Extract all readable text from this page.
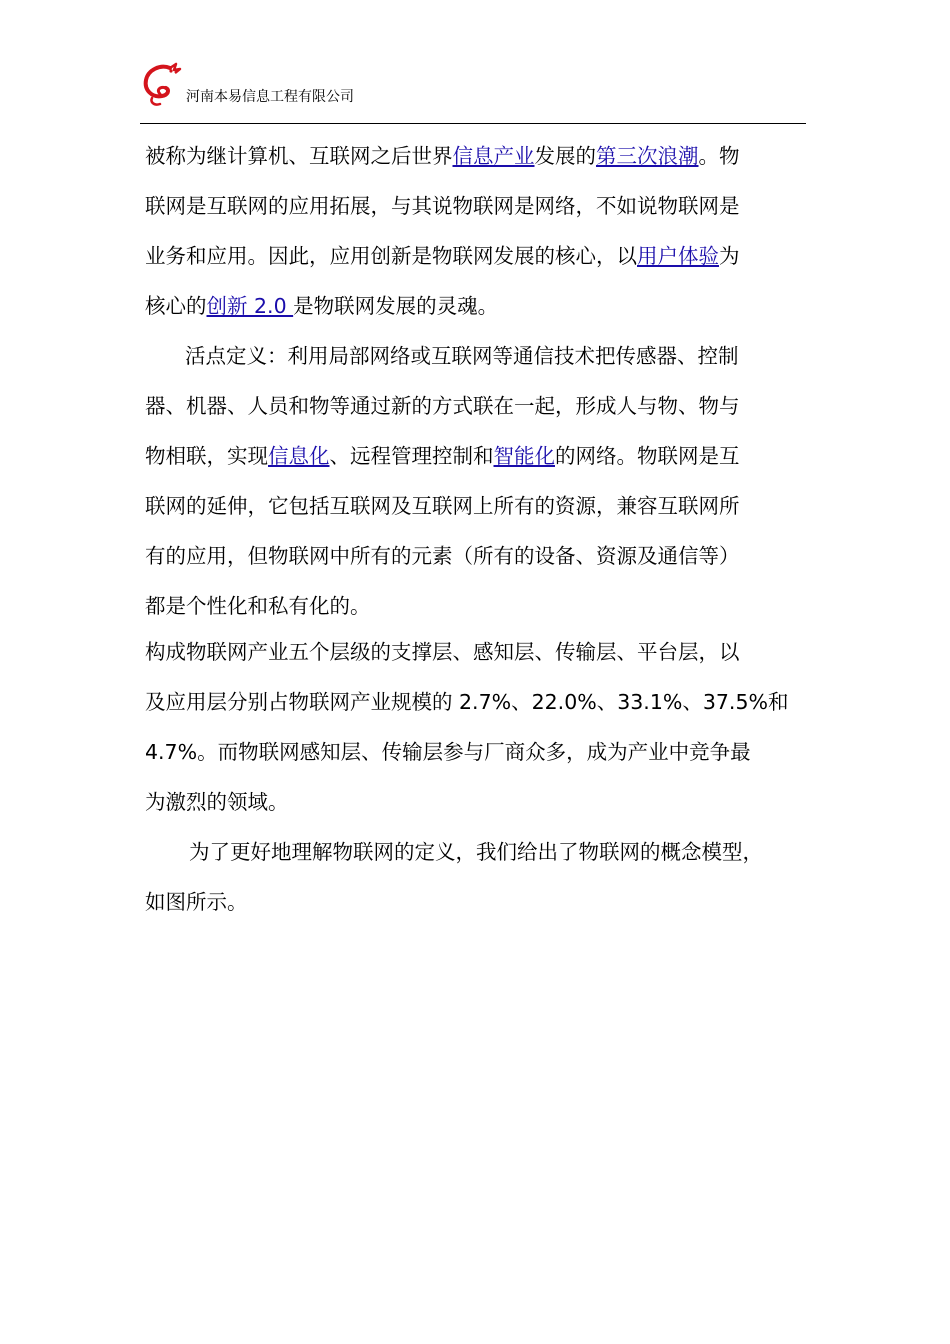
河南本易信息工程有限公司

被称为继计算机、互联网之后世界信息产业发展的第三次浪潮。物
联网是互联网的应用拓展，与其说物联网是网络，不如说物联网是
业务和应用。因此，应用创新是物联网发展的核心，以用户体验为
核心的创新 2.0 是物联网发展的灵魂。

活点定义：利用局部网络或互联网等通信技术把传感器、控制
器、机器、人员和物等通过新的方式联在一起，形成人与物、物与
物相联，实现信息化、远程管理控制和智能化的网络。物联网是互
联网的延伸，它包括互联网及互联网上所有的资源，兼容互联网所
有的应用，但物联网中所有的元素（所有的设备、资源及通信等）
都是个性化和私有化的。

构成物联网产业五个层级的支撑层、感知层、传输层、平台层，以
及应用层分别占物联网产业规模的 2.7%、22.0%、33.1%、37.5%和
4.7%。而物联网感知层、传输层参与厂商众多，成为产业中竞争最
为激烈的领域。

为了更好地理解物联网的定义，我们给出了物联网的概念模型，
如图所示。
